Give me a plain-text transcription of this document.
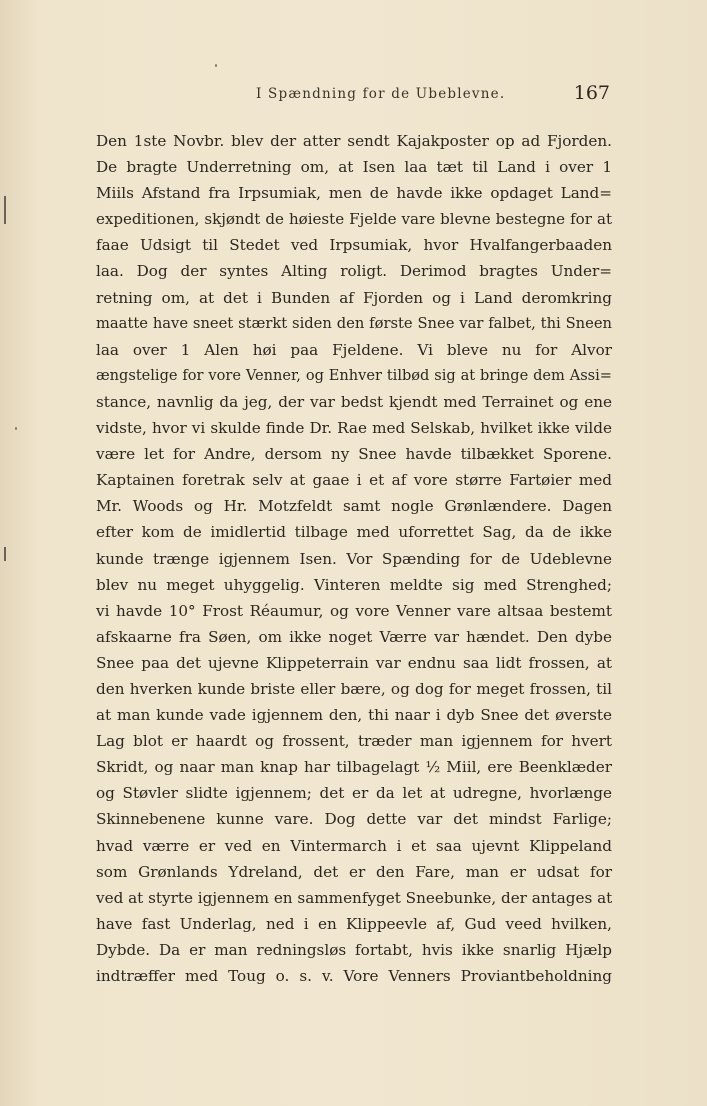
I Spændning for de Ubeblevne.	167
Den 1ste Novbr. blev der atter sendt Kajakposter op ad Fjorden.
De bragte Underretning om, at Isen laa tæt til Land i over 1
Miils Afstand fra Irpsumiak, men de havde ikke opdaget Land=
expeditionen, skjøndt de høieste Fjelde vare blevne bestegne for at
faae Udsigt til Stedet ved Irpsumiak, hvor Hvalfangerbaaden
laa. Dog der syntes Alting roligt. Derimod bragtes Under=
retning om, at det i Bunden af Fjorden og i Land deromkring
maatte have sneet stærkt siden den første Snee var falbet, thi Sneen
laa over 1 Alen høi paa Fjeldene. Vi bleve nu for Alvor
ængstelige for vore Venner, og Enhver tilbød sig at bringe dem Assi=
stance, navnlig da jeg, der var bedst kjendt med Terrainet og ene
vidste, hvor vi skulde finde Dr. Rae med Selskab, hvilket ikke vilde
være let for Andre, dersom ny Snee havde tilbækket Sporene.
Kaptainen foretrak selv at gaae i et af vore større Fartøier med
Mr. Woods og Hr. Motzfeldt samt nogle Grønlændere. Dagen
efter kom de imidlertid tilbage med uforrettet Sag, da de ikke
kunde trænge igjennem Isen. Vor Spænding for de Udeblevne
blev nu meget uhyggelig. Vinteren meldte sig med Strenghed;
vi havde 10° Frost Réaumur, og vore Venner vare altsaa bestemt
afskaarne fra Søen, om ikke noget Værre var hændet. Den dybe
Snee paa det ujevne Klippeterrain var endnu saa lidt frossen, at
den hverken kunde briste eller bære, og dog for meget frossen, til
at man kunde vade igjennem den, thi naar i dyb Snee det øverste
Lag blot er haardt og frossent, træder man igjennem for hvert
Skridt, og naar man knap har tilbagelagt ½ Miil, ere Beenklæder
og Støvler slidte igjennem; det er da let at udregne, hvorlænge
Skinnebenene kunne vare. Dog dette var det mindst Farlige;
hvad værre er ved en Vintermarch i et saa ujevnt Klippeland
som Grønlands Ydreland, det er den Fare, man er udsat for
ved at styrte igjennem en sammenfyget Sneebunke, der antages at
have fast Underlag, ned i en Klippeevle af, Gud veed hvilken,
Dybde. Da er man redningsløs fortabt, hvis ikke snarlig Hjælp
indtræffer med Toug o. s. v. Vore Venners Proviantbeholdning
